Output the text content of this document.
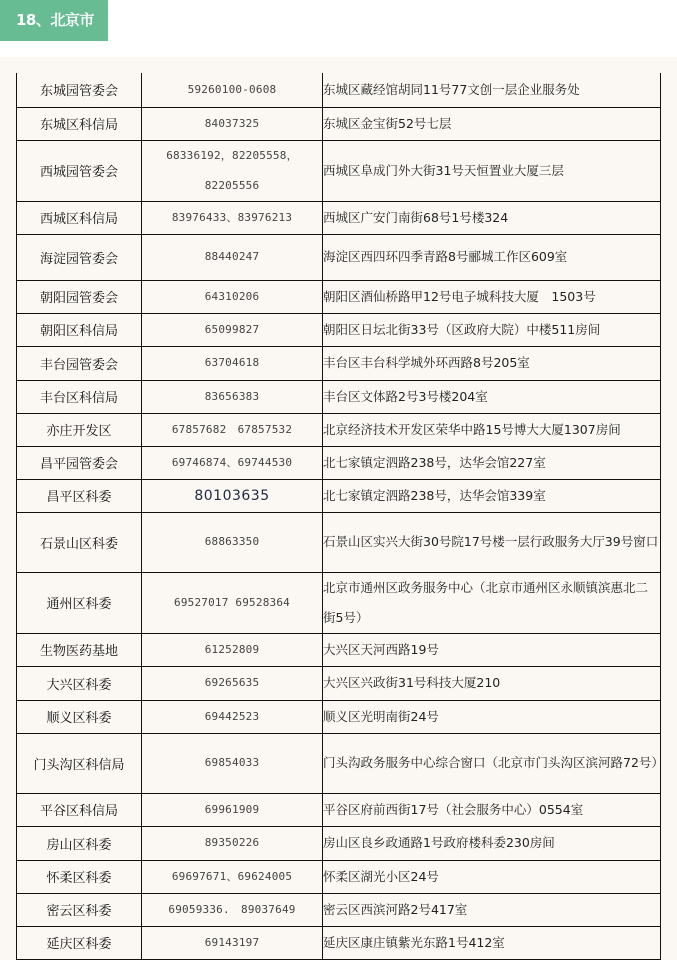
18、北京市
东城园管委会	59260100-0608	东城区藏经馆胡同11号77文创一层企业服务处
东城区科信局	84037325	东城区金宝街52号七层
西城园管委会	68336192，82205558，82205556	西城区阜成门外大街31号天恒置业大厦三层
西城区科信局	83976433、83976213	西城区广安门南街68号1号楼324
海淀园管委会	88440247	海淀区西四环四季青路8号郦城工作区609室
朝阳园管委会	64310206	朝阳区酒仙桥路甲12号电子城科技大厦　1503号
朝阳区科信局	65099827	朝阳区日坛北街33号（区政府大院）中楼511房间
丰台园管委会	63704618	丰台区丰台科学城外环西路8号205室
丰台区科信局	83656383	丰台区文体路2号3号楼204室
亦庄开发区	67857682　67857532	北京经济技术开发区荣华中路15号博大大厦1307房间
昌平园管委会	69746874、69744530	北七家镇定泗路238号，达华会馆227室
昌平区科委	80103635	北七家镇定泗路238号，达华会馆339室
石景山区科委	68863350	石景山区实兴大街30号院17号楼一层行政服务大厅39号窗口
通州区科委	69527017 69528364	北京市通州区政务服务中心（北京市通州区永顺镇滨惠北二街5号）
生物医药基地	61252809	大兴区天河西路19号
大兴区科委	69265635	大兴区兴政街31号科技大厦210
顺义区科委	69442523	顺义区光明南街24号
门头沟区科信局	69854033	门头沟政务服务中心综合窗口（北京市门头沟区滨河路72号）
平谷区科信局	69961909	平谷区府前西街17号（社会服务中心）0554室
房山区科委	89350226	房山区良乡政通路1号政府楼科委230房间
怀柔区科委	69697671、69624005	怀柔区湖光小区24号
密云区科委	69059336.　89037649	密云区西滨河路2号417室
延庆区科委	69143197	延庆区康庄镇紫光东路1号412室
